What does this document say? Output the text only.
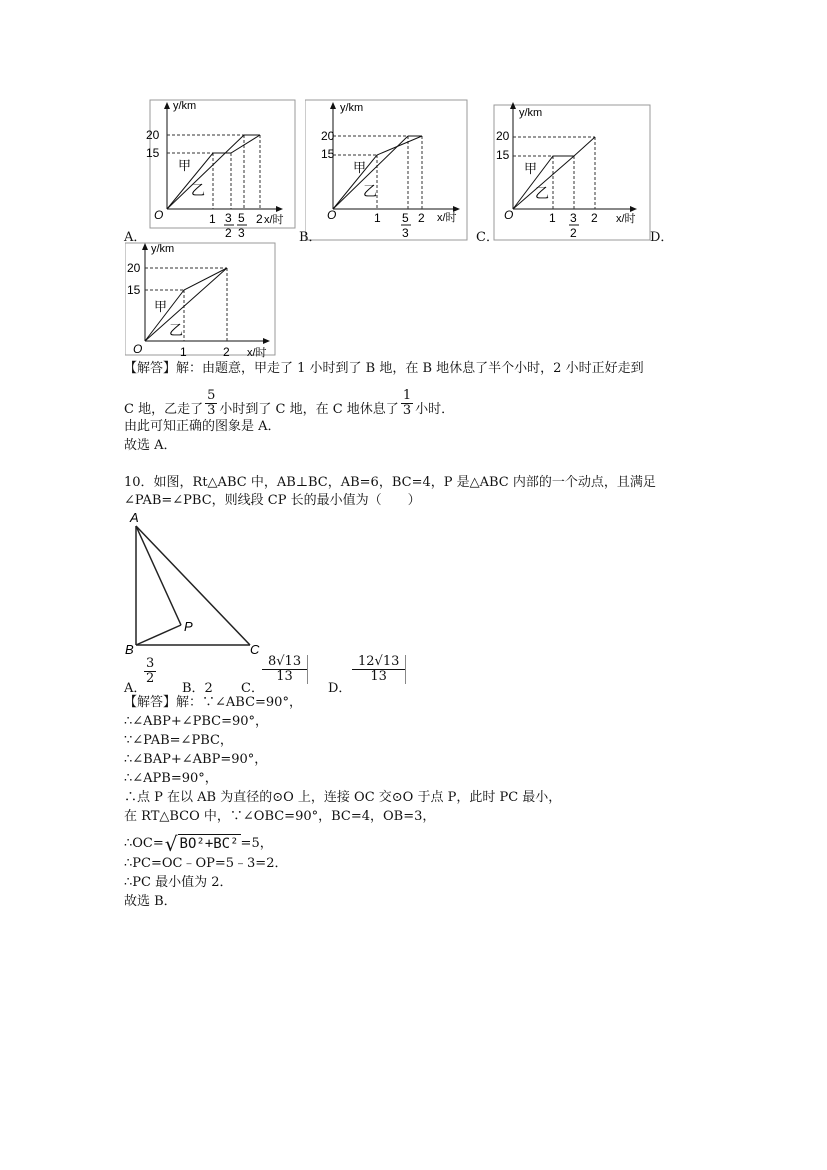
y/km
x/时
O
20
15
甲
乙
1 3
2
5
3
2
A．
y/km
x/时
O
20
15
甲
乙
1 5
3
2
B．
y/km
x/时
O
20
15
甲
乙
1 3
2
2
C．	D．
y/km
x/时
O
20
15
甲
乙
1	2
【解答】解：由题意，甲走了 1 小时到了 B 地，在 B 地休息了半个小时，2 小时正好走到
C 地，乙走了 $\frac{5}{3}$ 小时到了 C 地，在 C 地休息了 $\frac{1}{3}$ 小时．
由此可知正确的图象是 A．
故选 A．
10．如图，Rt△ABC 中，AB⊥BC，AB=6，BC=4，P 是△ABC 内部的一个动点，且满足
∠PAB=∠PBC，则线段 CP 长的最小值为（　　）
A
B	C
P
A．
$\frac{3}{2}$
B．2 C．
$\frac{8√13}{13}$
D．
$\frac{12√13}{13}$
【解答】解：∵∠ABC=90°，
∴∠ABP+∠PBC=90°，
∵∠PAB=∠PBC，
∴∠BAP+∠ABP=90°，
∴∠APB=90°，
∴点 P 在以 AB 为直径的⊙O 上，连接 OC 交⊙O 于点 P，此时 PC 最小，
在 RT△BCO 中，∵∠OBC=90°，BC=4，OB=3，
∴OC= √ BO²+BC² =5，
∴PC=OC﹣OP=5﹣3=2．
∴PC 最小值为 2．
故选 B．
